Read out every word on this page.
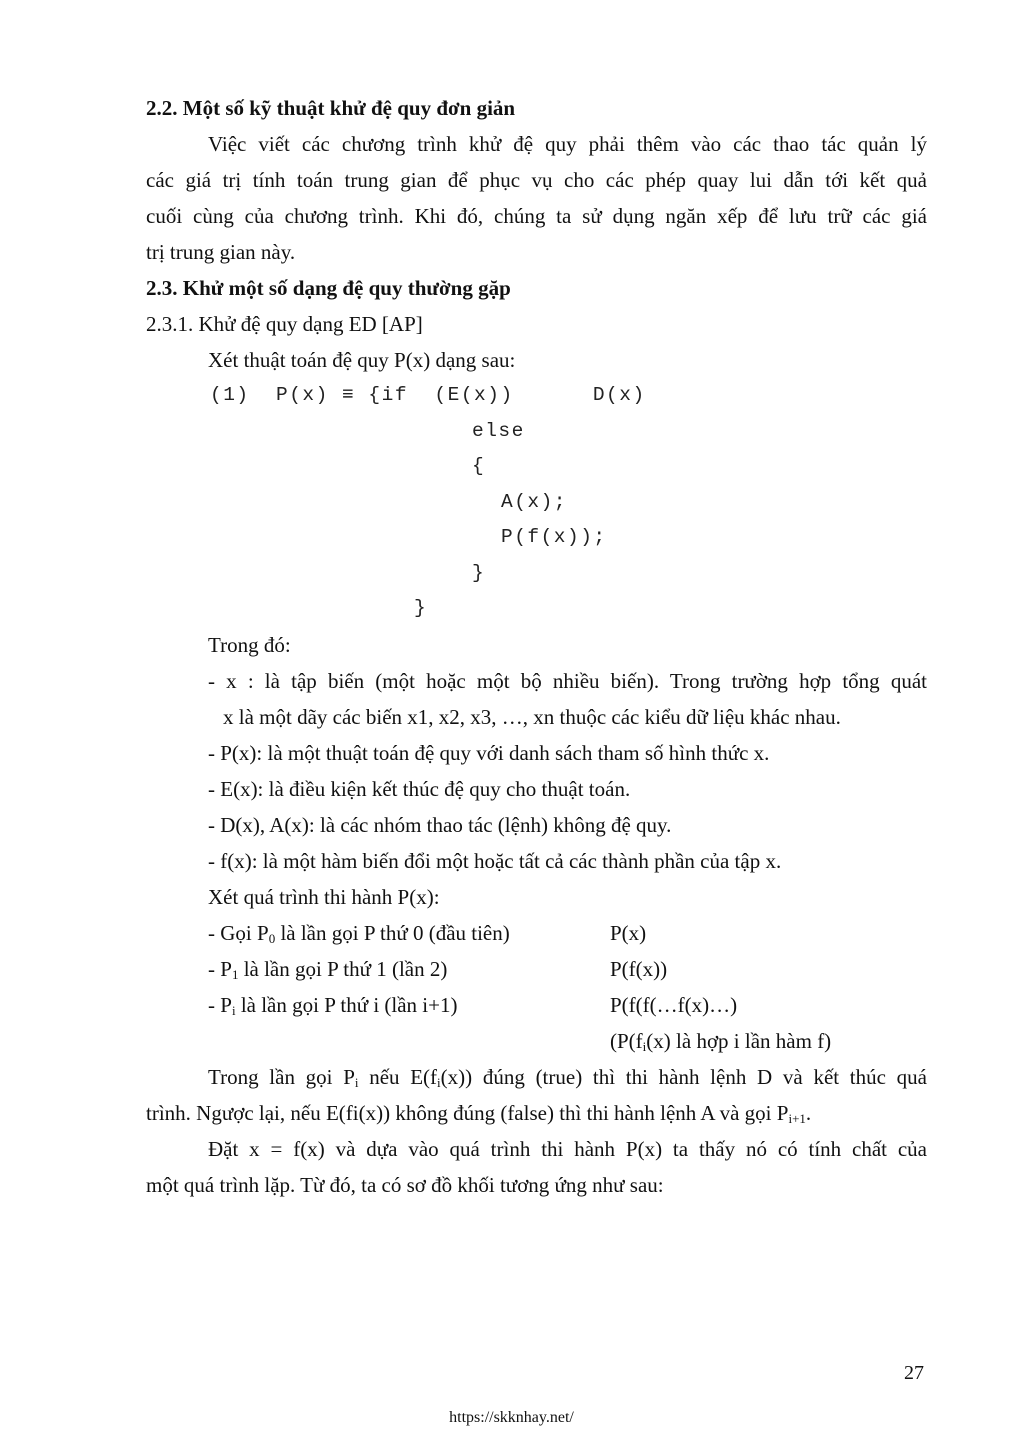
2.2. Một số kỹ thuật khử đệ quy đơn giản
Việc viết các chương trình khử đệ quy phải thêm vào các thao tác quản lý
các giá trị tính toán trung gian để phục vụ cho các phép quay lui dẫn tới kết quả
cuối cùng của chương trình. Khi đó, chúng ta sử dụng ngăn xếp để lưu trữ các giá
trị trung gian này.
2.3. Khử một số dạng đệ quy thường gặp
2.3.1. Khử đệ quy dạng ED [AP]
Xét thuật toán đệ quy P(x) dạng sau:
(1)  P(x) ≡ {if  (E(x))      D(x)
else
{
A(x);
P(f(x));
}
}
Trong đó:
- x : là tập biến (một hoặc một bộ nhiều biến). Trong trường hợp tổng quát
x là một dãy các biến x1, x2, x3, …, xn thuộc các kiểu dữ liệu khác nhau.
- P(x): là một thuật toán đệ quy với danh sách tham số hình thức x.
- E(x): là điều kiện kết thúc đệ quy cho thuật toán.
- D(x), A(x): là các nhóm thao tác (lệnh) không đệ quy.
- f(x): là một hàm biến đổi một hoặc tất cả các thành phần của tập x.
Xét quá trình thi hành P(x):
- Gọi $P_0$ là lần gọi P thứ 0 (đầu tiên)	P(x)
- $P_1$ là lần gọi P thứ 1 (lần 2)	P(f(x))
- $P_i$ là lần gọi P thứ i (lần i+1)	P(f(f(…f(x)…)
($P(f_i(x)$ là hợp i lần hàm f)
Trong lần gọi $P_i$ nếu $E(f_i(x))$ đúng (true) thì thi hành lệnh D và kết thúc quá
trình. Ngược lại, nếu E(fi(x)) không đúng (false) thì thi hành lệnh A và gọi $P_{i+1}$.
Đặt x = f(x) và dựa vào quá trình thi hành P(x) ta thấy nó có tính chất của
một quá trình lặp. Từ đó, ta có sơ đồ khối tương ứng như sau:
27
https://skknhay.net/
